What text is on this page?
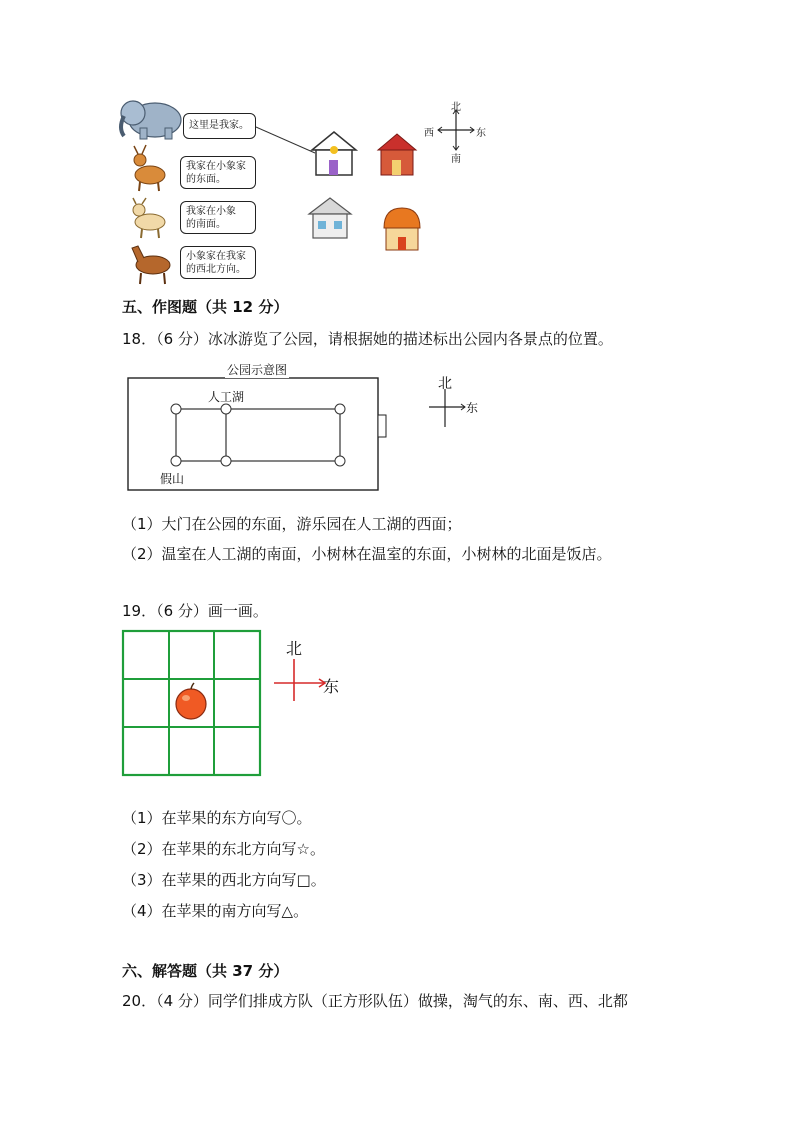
北
南
西	东
这里是我家。
我家在小象家
的东面。
我家在小象
的南面。
小象家在我家
的西北方向。
五、作图题（共 12 分）
18．（6 分）冰冰游览了公园，请根据她的描述标出公园内各景点的位置。
公园示意图
人工湖
假山
北
东
（1）大门在公园的东面，游乐园在人工湖的西面；
（2）温室在人工湖的南面，小树林在温室的东面，小树林的北面是饭店。
19．（6 分）画一画。
北
东
（1）在苹果的东方向写〇。
（2）在苹果的东北方向写☆。
（3）在苹果的西北方向写□。
（4）在苹果的南方向写△。
六、解答题（共 37 分）
20．（4 分）同学们排成方队（正方形队伍）做操，淘气的东、南、西、北都
